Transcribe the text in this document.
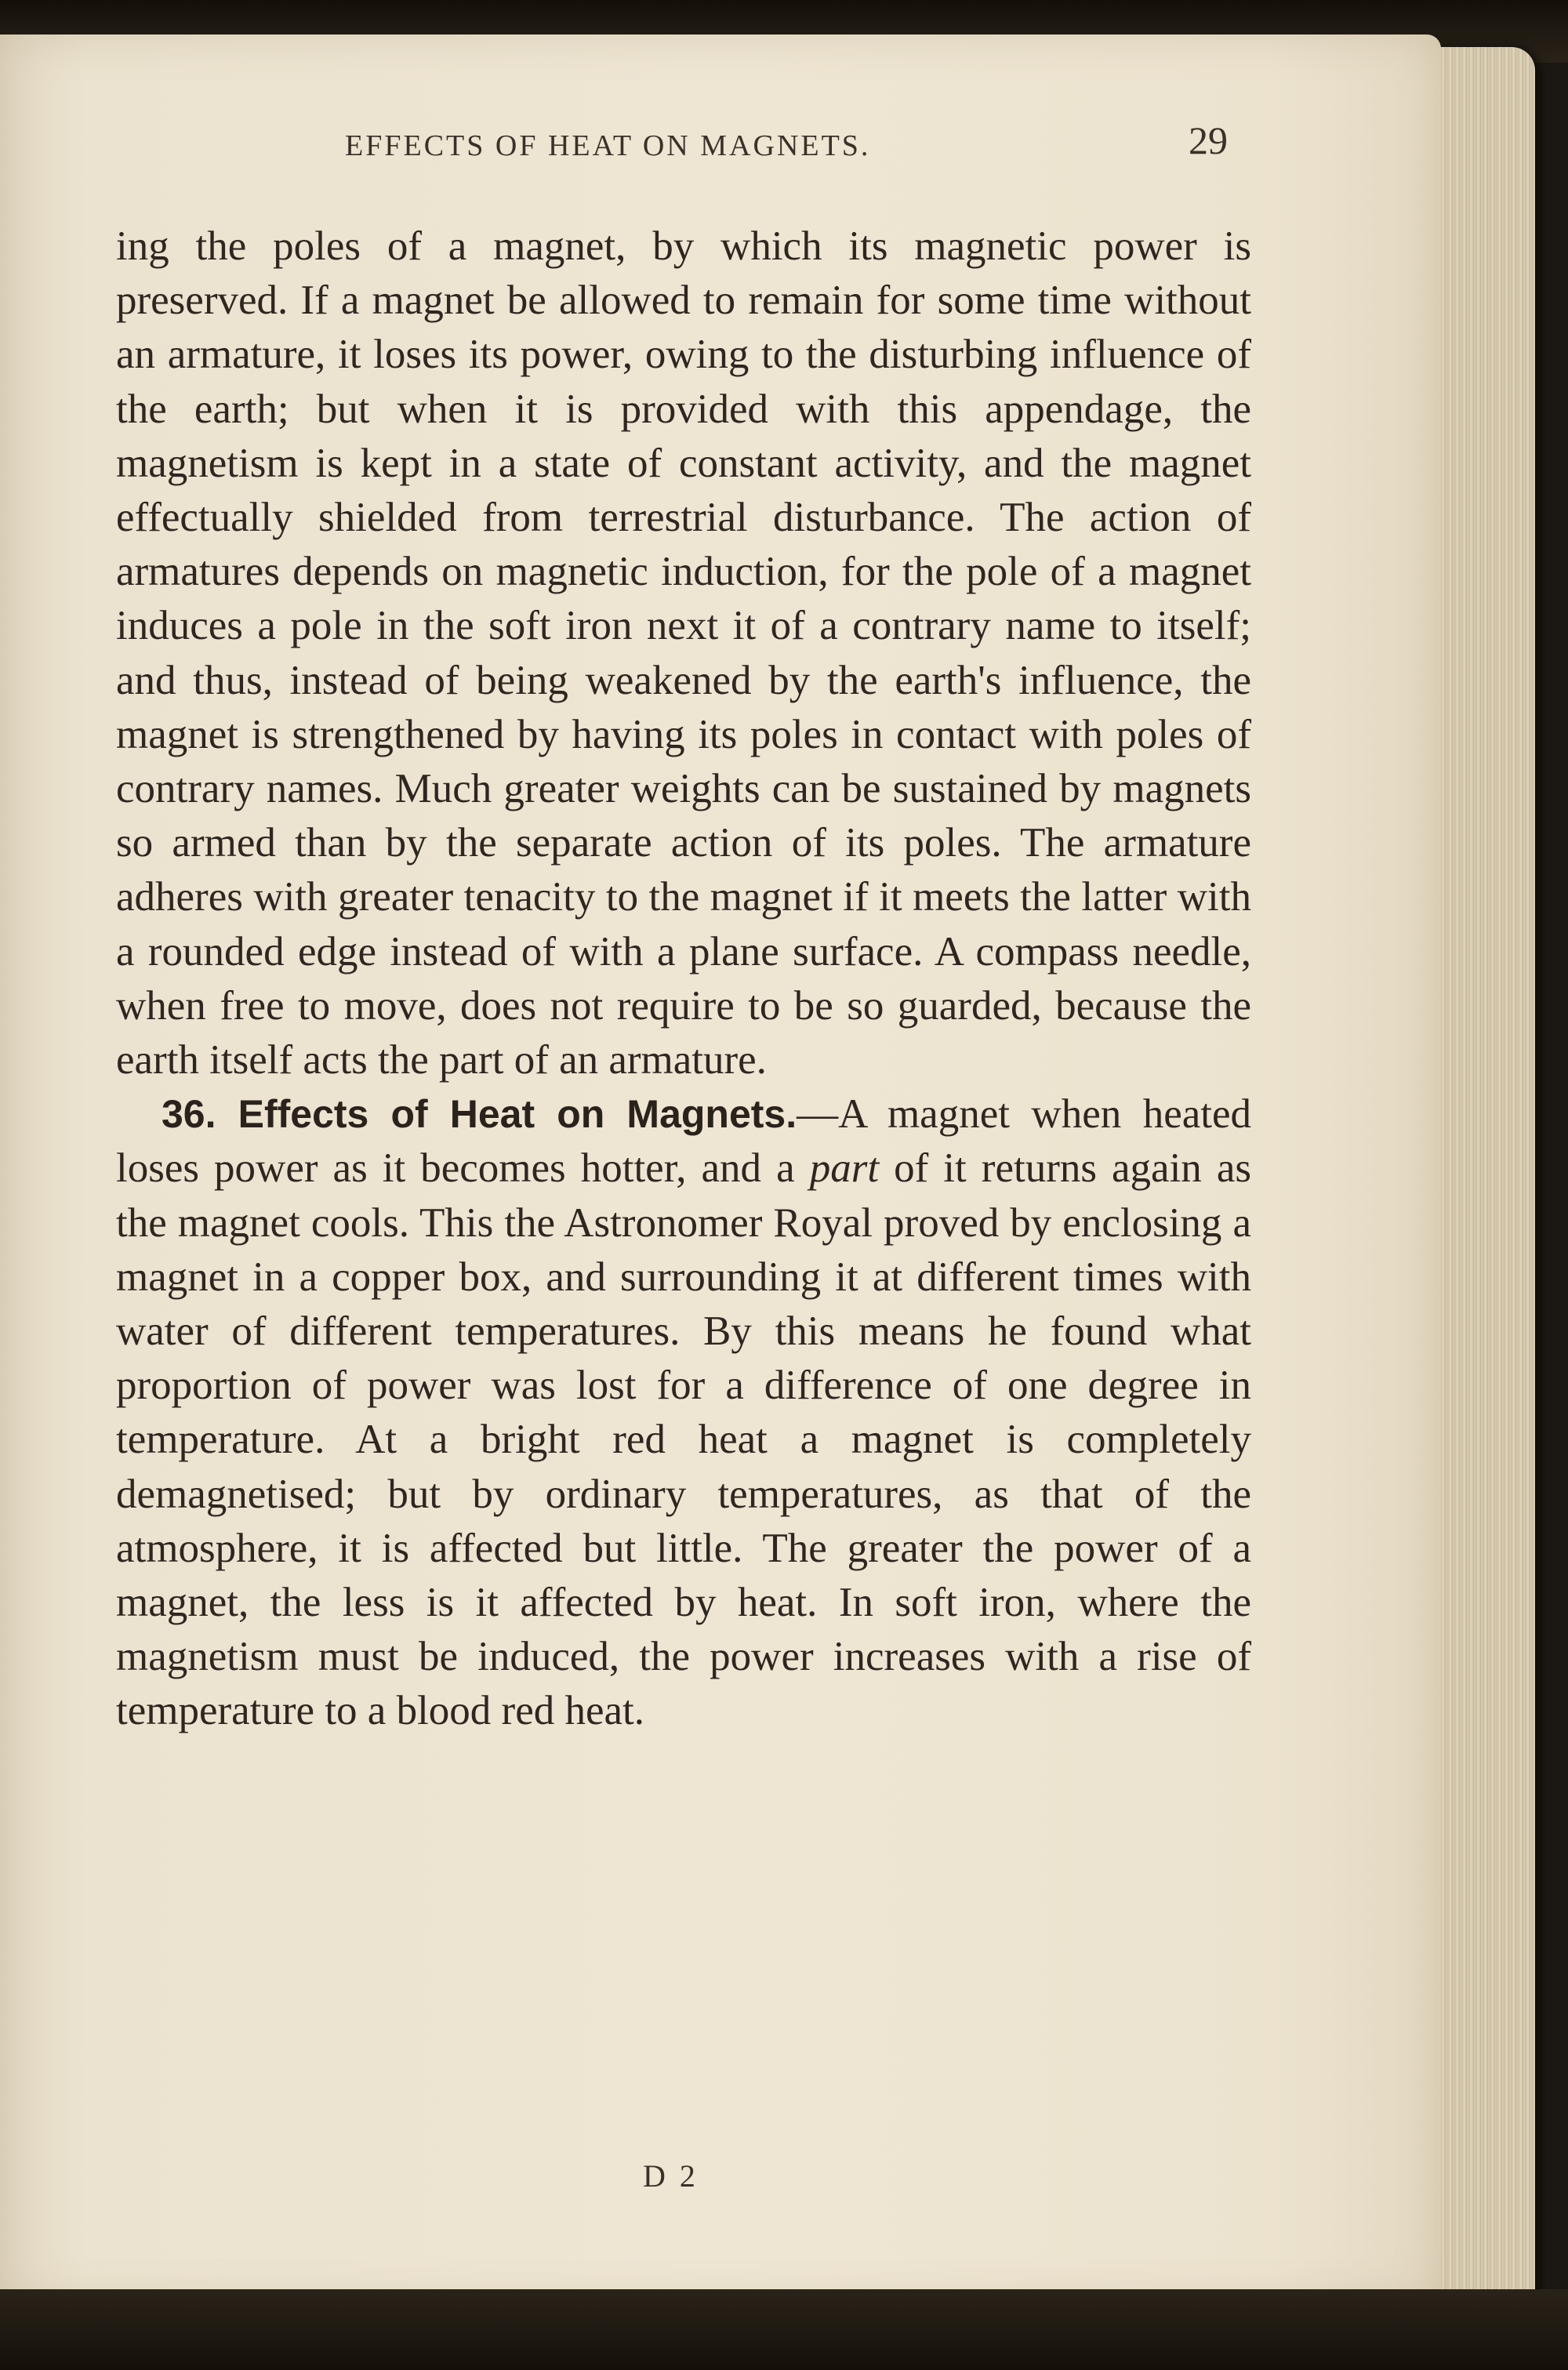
EFFECTS OF HEAT ON MAGNETS.	29

ing the poles of a magnet, by which its magnetic power is preserved. If a magnet be allowed to remain for some time without an armature, it loses its power, owing to the disturbing influence of the earth; but when it is provided with this appendage, the magnetism is kept in a state of constant activity, and the magnet effectually shielded from terrestrial disturbance. The action of armatures depends on magnetic induction, for the pole of a magnet induces a pole in the soft iron next it of a contrary name to itself; and thus, instead of being weakened by the earth's influence, the magnet is strengthened by having its poles in contact with poles of contrary names. Much greater weights can be sustained by magnets so armed than by the separate action of its poles. The armature adheres with greater tenacity to the magnet if it meets the latter with a rounded edge instead of with a plane surface. A compass needle, when free to move, does not require to be so guarded, because the earth itself acts the part of an armature.

36. Effects of Heat on Magnets.—A magnet when heated loses power as it becomes hotter, and a part of it returns again as the magnet cools. This the Astronomer Royal proved by enclosing a magnet in a copper box, and surrounding it at different times with water of different temperatures. By this means he found what proportion of power was lost for a difference of one degree in temperature. At a bright red heat a magnet is completely demagnetised; but by ordinary temperatures, as that of the atmosphere, it is affected but little. The greater the power of a magnet, the less is it affected by heat. In soft iron, where the magnetism must be induced, the power increases with a rise of temperature to a blood red heat.

D 2
